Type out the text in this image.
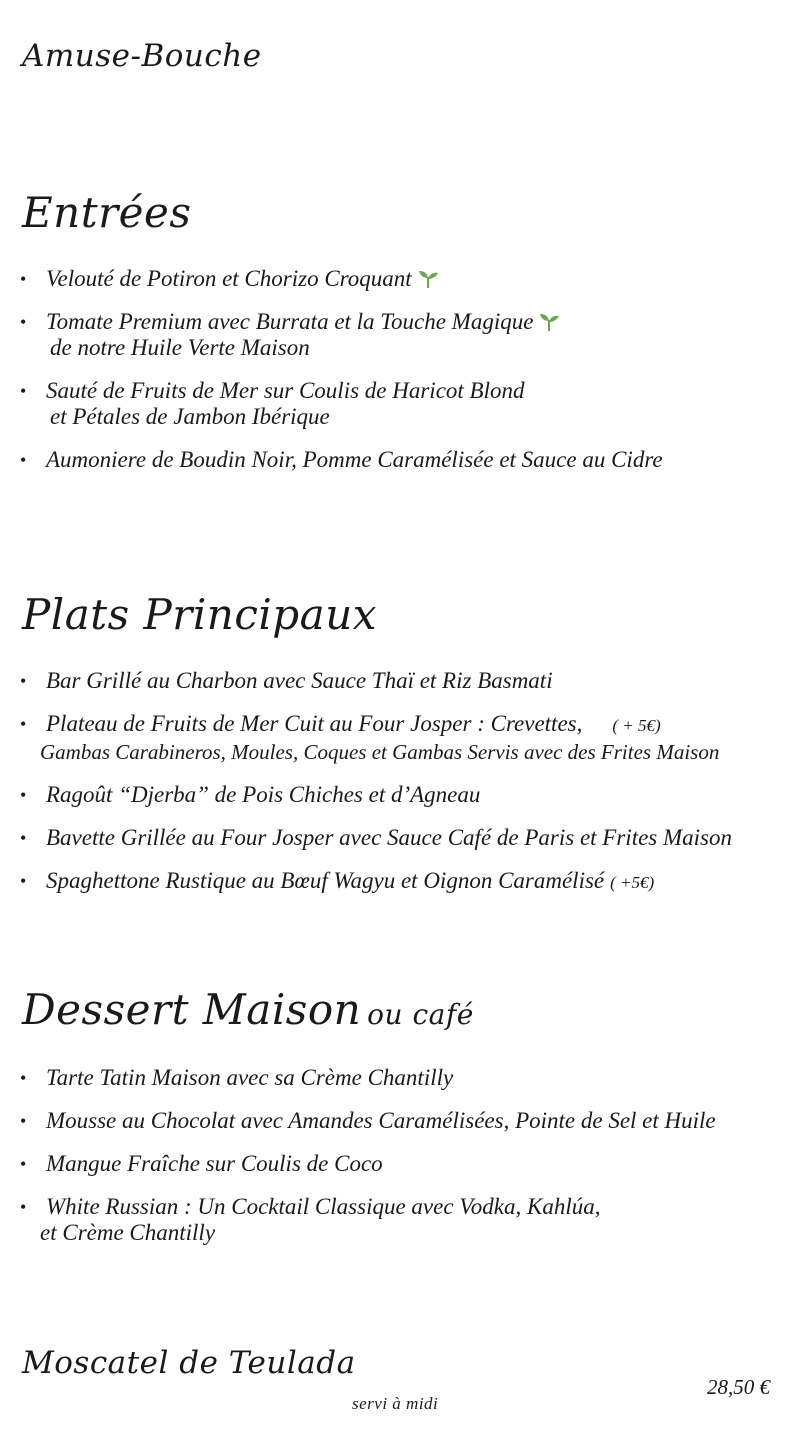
Amuse-Bouche
Entrées
• Velouté de Potiron et Chorizo Croquant
• Tomate Premium avec Burrata et la Touche Magique
de notre Huile Verte Maison
• Sauté de Fruits de Mer sur Coulis de Haricot Blond
et Pétales de Jambon Ibérique
• Aumoniere de Boudin Noir, Pomme Caramélisée et Sauce au Cidre
Plats Principaux
• Bar Grillé au Charbon avec Sauce Thaï et Riz Basmati
• Plateau de Fruits de Mer Cuit au Four Josper : Crevettes, ( + 5€)
Gambas Carabineros, Moules, Coques et Gambas Servis avec des Frites Maison
• Ragoût “Djerba” de Pois Chiches et d’Agneau
• Bavette Grillée au Four Josper avec Sauce Café de Paris et Frites Maison
• Spaghettone Rustique au Bœuf Wagyu et Oignon Caramélisé ( +5€)
Dessert Maison ou café
• Tarte Tatin Maison avec sa Crème Chantilly
• Mousse au Chocolat avec Amandes Caramélisées, Pointe de Sel et Huile
• Mangue Fraîche sur Coulis de Coco
• White Russian : Un Cocktail Classique avec Vodka, Kahlúa,
et Crème Chantilly
Moscatel de Teulada
28,50 €
servi à midi
